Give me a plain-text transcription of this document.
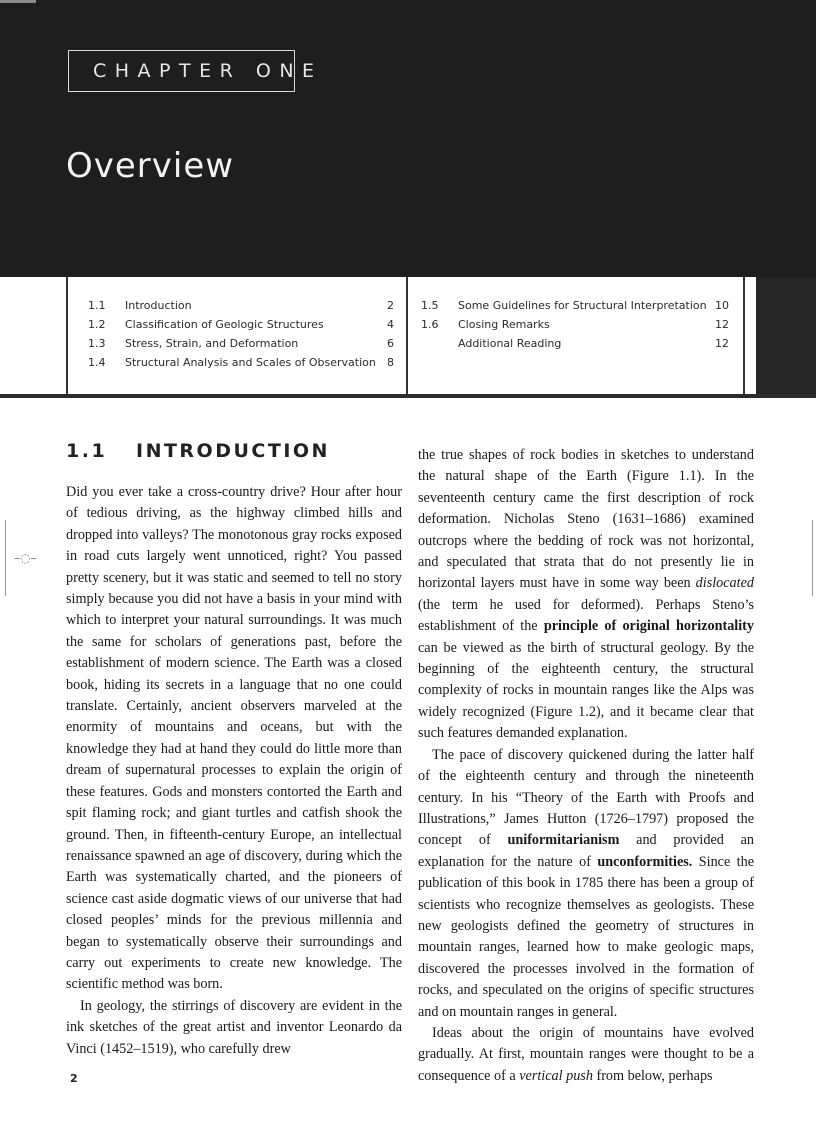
CHAPTER ONE
Overview
1.1 Introduction	2
1.2 Classification of Geologic Structures	4
1.3 Stress, Strain, and Deformation	6
1.4 Structural Analysis and Scales of Observation	8
1.5 Some Guidelines for Structural Interpretation 10
1.6 Closing Remarks	12
Additional Reading	12
–◌–
1.1 INTRODUCTION

Did you ever take a cross-country drive? Hour after hour of tedious driving, as the highway climbed hills and dropped into valleys? The monotonous gray rocks exposed in road cuts largely went unnoticed, right? You passed pretty scenery, but it was static and seemed to tell no story simply because you did not have a basis in your mind with which to interpret your natural surroundings. It was much the same for scholars of generations past, before the establishment of modern science. The Earth was a closed book, hiding its secrets in a language that no one could translate. Certainly, ancient observers marveled at the enormity of mountains and oceans, but with the knowledge they had at hand they could do little more than dream of supernatural processes to explain the origin of these features. Gods and monsters contorted the Earth and spit flaming rock; and giant turtles and catfish shook the ground. Then, in fifteenth-century Europe, an intellectual renaissance spawned an age of discovery, during which the Earth was systematically charted, and the pioneers of science cast aside dogmatic views of our universe that had closed peoples’ minds for the previous millennia and began to systematically observe their surroundings and carry out experiments to create new knowledge. The scientific method was born.

In geology, the stirrings of discovery are evident in the ink sketches of the great artist and inventor Leonardo da Vinci (1452–1519), who carefully drew

the true shapes of rock bodies in sketches to understand the natural shape of the Earth (Figure 1.1). In the seventeenth century came the first description of rock deformation. Nicholas Steno (1631–1686) examined outcrops where the bedding of rock was not horizontal, and speculated that strata that do not presently lie in horizontal layers must have in some way been dislocated (the term he used for deformed). Perhaps Steno’s establishment of the principle of original horizontality can be viewed as the birth of structural geology. By the beginning of the eighteenth century, the structural complexity of rocks in mountain ranges like the Alps was widely recognized (Figure 1.2), and it became clear that such features demanded explanation.

The pace of discovery quickened during the latter half of the eighteenth century and through the nineteenth century. In his “Theory of the Earth with Proofs and Illustrations,” James Hutton (1726–1797) proposed the concept of uniformitarianism and provided an explanation for the nature of unconformities. Since the publication of this book in 1785 there has been a group of scientists who recognize themselves as geologists. These new geologists defined the geometry of structures in mountain ranges, learned how to make geologic maps, discovered the processes involved in the formation of rocks, and speculated on the origins of specific structures and on mountain ranges in general.

Ideas about the origin of mountains have evolved gradually. At first, mountain ranges were thought to be a consequence of a vertical push from below, perhaps

2
